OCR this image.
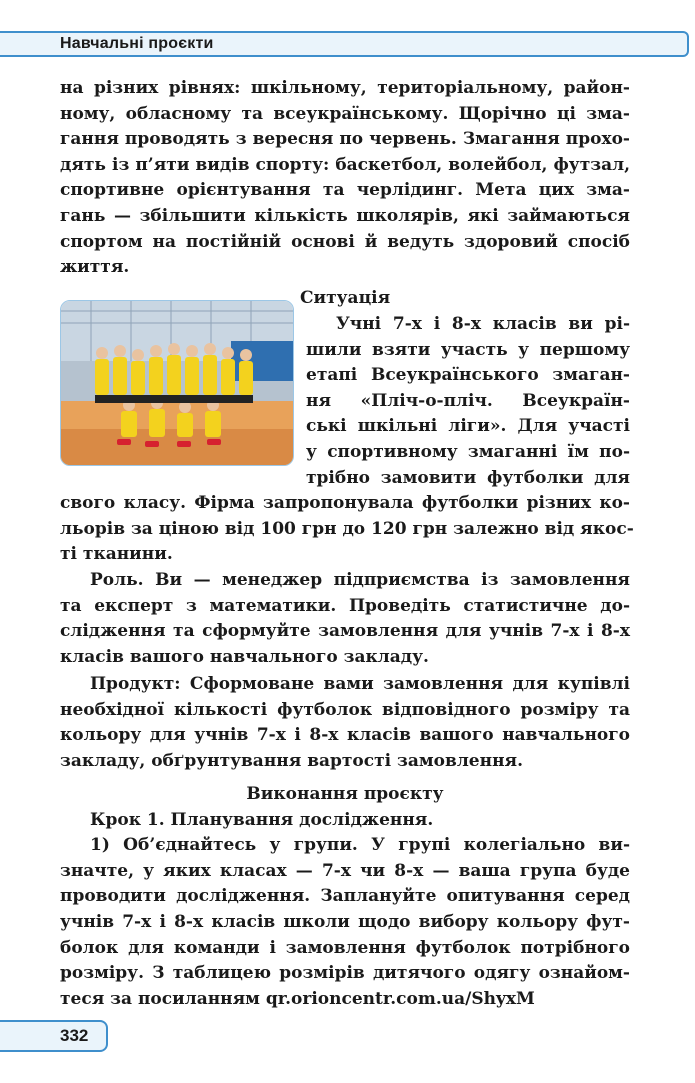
Навчальні проєкти
на різних рівнях: шкільному, територіальному, район-
ному, обласному та всеукраїнському. Щорічно ці зма-
гання проводять з вересня по червень. Змагання прохо-
дять із п’яти видів спорту: баскетбол, волейбол, футзал,
спортивне орієнтування та черлідинг. Мета цих зма-
гань — збільшити кількість школярів, які займаються
спортом на постійній основі й ведуть здоровий спосіб
життя.
Ситуація
Учні 7-х і 8-х класів ви рі-
шили взяти участь у першому
етапі Всеукраїнського змаган-
ня «Пліч-о-пліч. Всеукраїн-
ські шкільні ліги». Для участі
у спортивному змаганні їм по-
трібно замовити футболки для
свого класу. Фірма запропонувала футболки різних ко-
льорів за ціною від 100 грн до 120 грн залежно від якос-
ті тканини.
Роль. Ви — менеджер підприємства із замовлення
та експерт з математики. Проведіть статистичне до-
слідження та сформуйте замовлення для учнів 7-х і 8-х
класів вашого навчального закладу.
Продукт: Сформоване вами замовлення для купівлі
необхідної кількості футболок відповідного розміру та
кольору для учнів 7-х і 8-х класів вашого навчального
закладу, обґрунтування вартості замовлення.
Виконання проєкту
Крок 1. Планування дослідження.
1) Об’єднайтесь у групи. У групі колегіально ви-
значте, у яких класах — 7-х чи 8-х — ваша група буде
проводити дослідження. Заплануйте опитування серед
учнів 7-х і 8-х класів школи щодо вибору кольору фут-
болок для команди і замовлення футболок потрібного
розміру. З таблицею розмірів дитячого одягу ознайом-
теся за посиланням qr.orioncentr.com.ua/ShyxM
332
